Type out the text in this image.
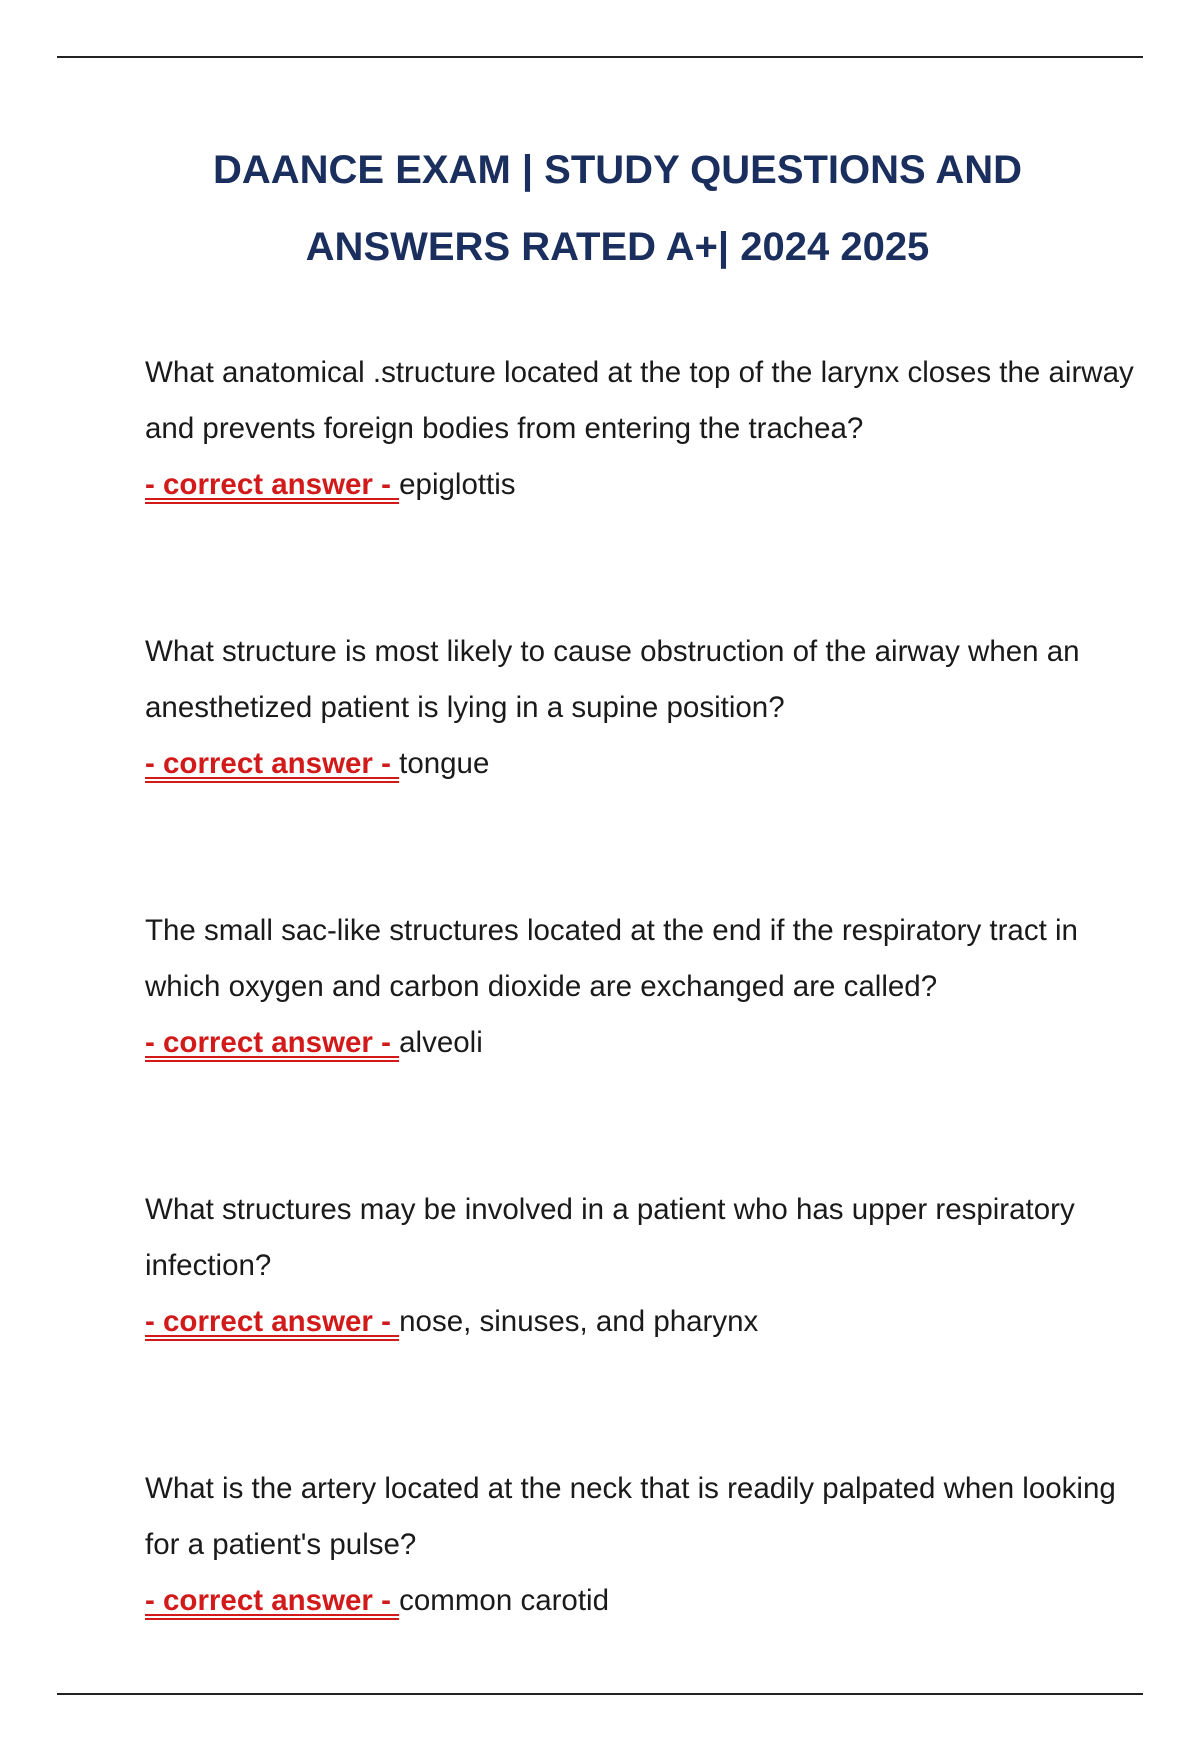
DAANCE EXAM | STUDY QUESTIONS AND
ANSWERS RATED A+| 2024 2025

What anatomical .structure located at the top of the larynx closes the airway and prevents foreign bodies from entering the trachea?
- correct answer - epiglottis

What structure is most likely to cause obstruction of the airway when an anesthetized patient is lying in a supine position?
- correct answer - tongue

The small sac-like structures located at the end if the respiratory tract in which oxygen and carbon dioxide are exchanged are called? - correct answer - alveoli

What structures may be involved in a patient who has upper respiratory infection?
- correct answer - nose, sinuses, and pharynx

What is the artery located at the neck that is readily palpated when looking for a patient's pulse?
- correct answer - common carotid
